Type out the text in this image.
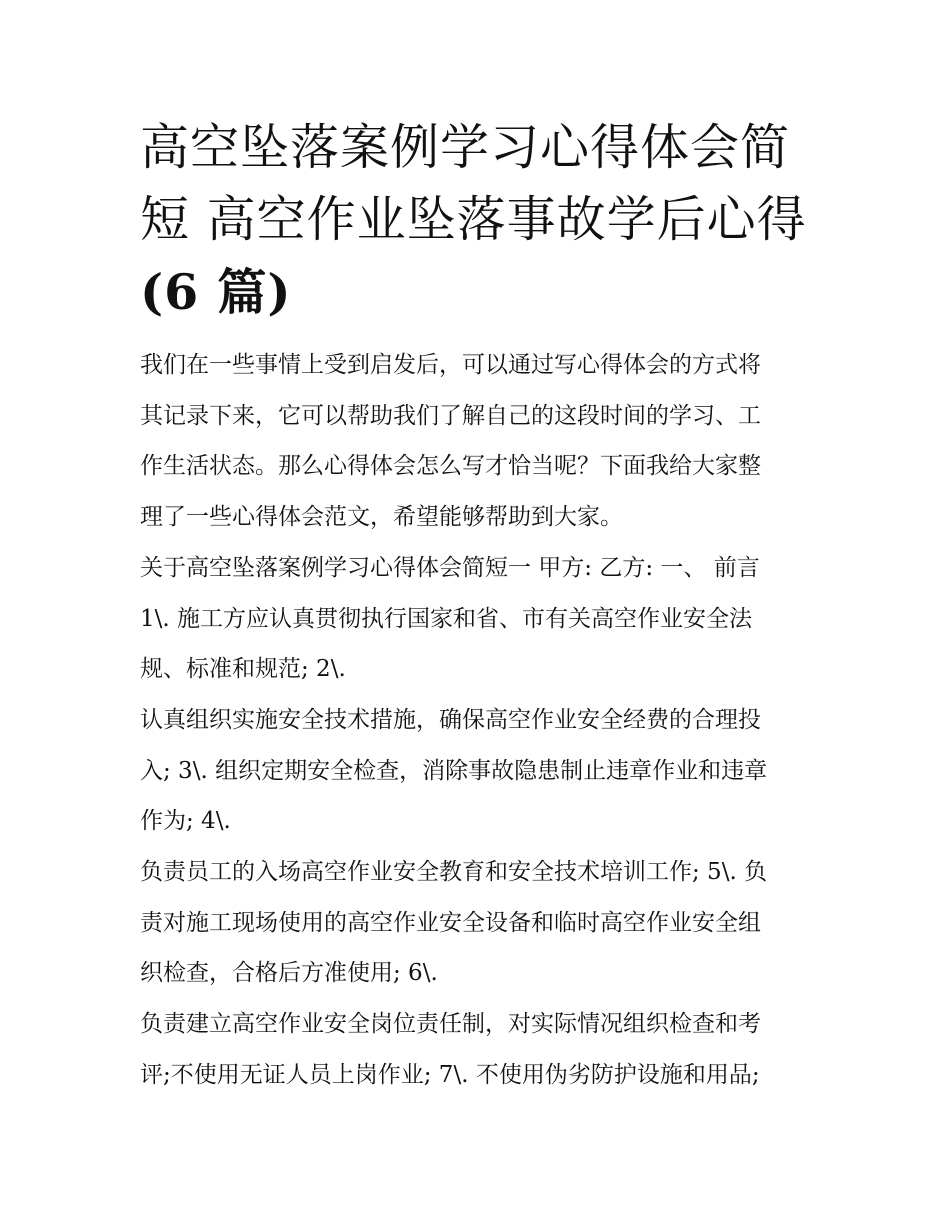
高空坠落案例学习心得体会简
短 高空作业坠落事故学后心得
(6 篇)

我们在一些事情上受到启发后，可以通过写心得体会的方式将
其记录下来，它可以帮助我们了解自己的这段时间的学习、工
作生活状态。那么心得体会怎么写才恰当呢？下面我给大家整
理了一些心得体会范文，希望能够帮助到大家。

关于高空坠落案例学习心得体会简短一 甲方: 乙方: 一、 前言
1\. 施工方应认真贯彻执行国家和省、市有关高空作业安全法
规、标准和规范; 2\.

认真组织实施安全技术措施，确保高空作业安全经费的合理投
入; 3\. 组织定期安全检查，消除事故隐患制止违章作业和违章
作为; 4\.

负责员工的入场高空作业安全教育和安全技术培训工作; 5\. 负
责对施工现场使用的高空作业安全设备和临时高空作业安全组
织检查，合格后方准使用; 6\.

负责建立高空作业安全岗位责任制，对实际情况组织检查和考
评;不使用无证人员上岗作业; 7\. 不使用伪劣防护设施和用品;
